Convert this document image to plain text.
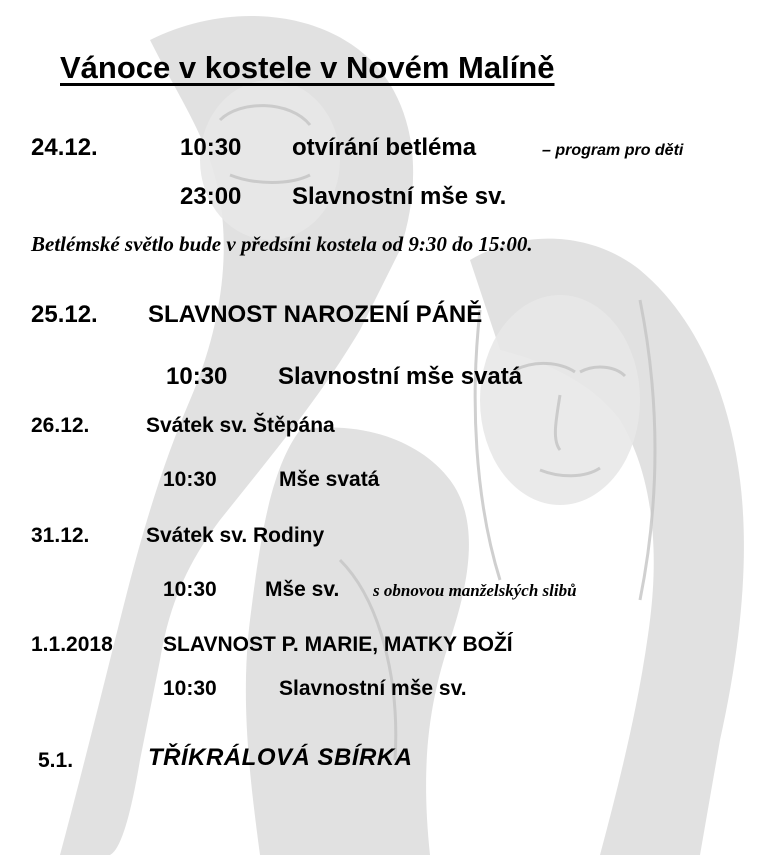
Vánoce v kostele v Novém Malíně
24.12.	10:30 otvírání betléma	– program pro děti
23:00 Slavnostní mše sv.
Betlémské světlo bude v předsíni kostela od 9:30 do 15:00.
25.12. SLAVNOST NAROZENÍ PÁNĚ
10:30 Slavnostní mše svatá
26.12.	Svátek sv. Štěpána
10:30	Mše svatá
31.12.	Svátek sv. Rodiny
10:30 Mše sv. s obnovou manželských slibů
1.1.2018 SLAVNOST P. MARIE, MATKY BOŽÍ
10:30	Slavnostní mše sv.
5.1.	TŘÍKRÁLOVÁ SBÍRKA
